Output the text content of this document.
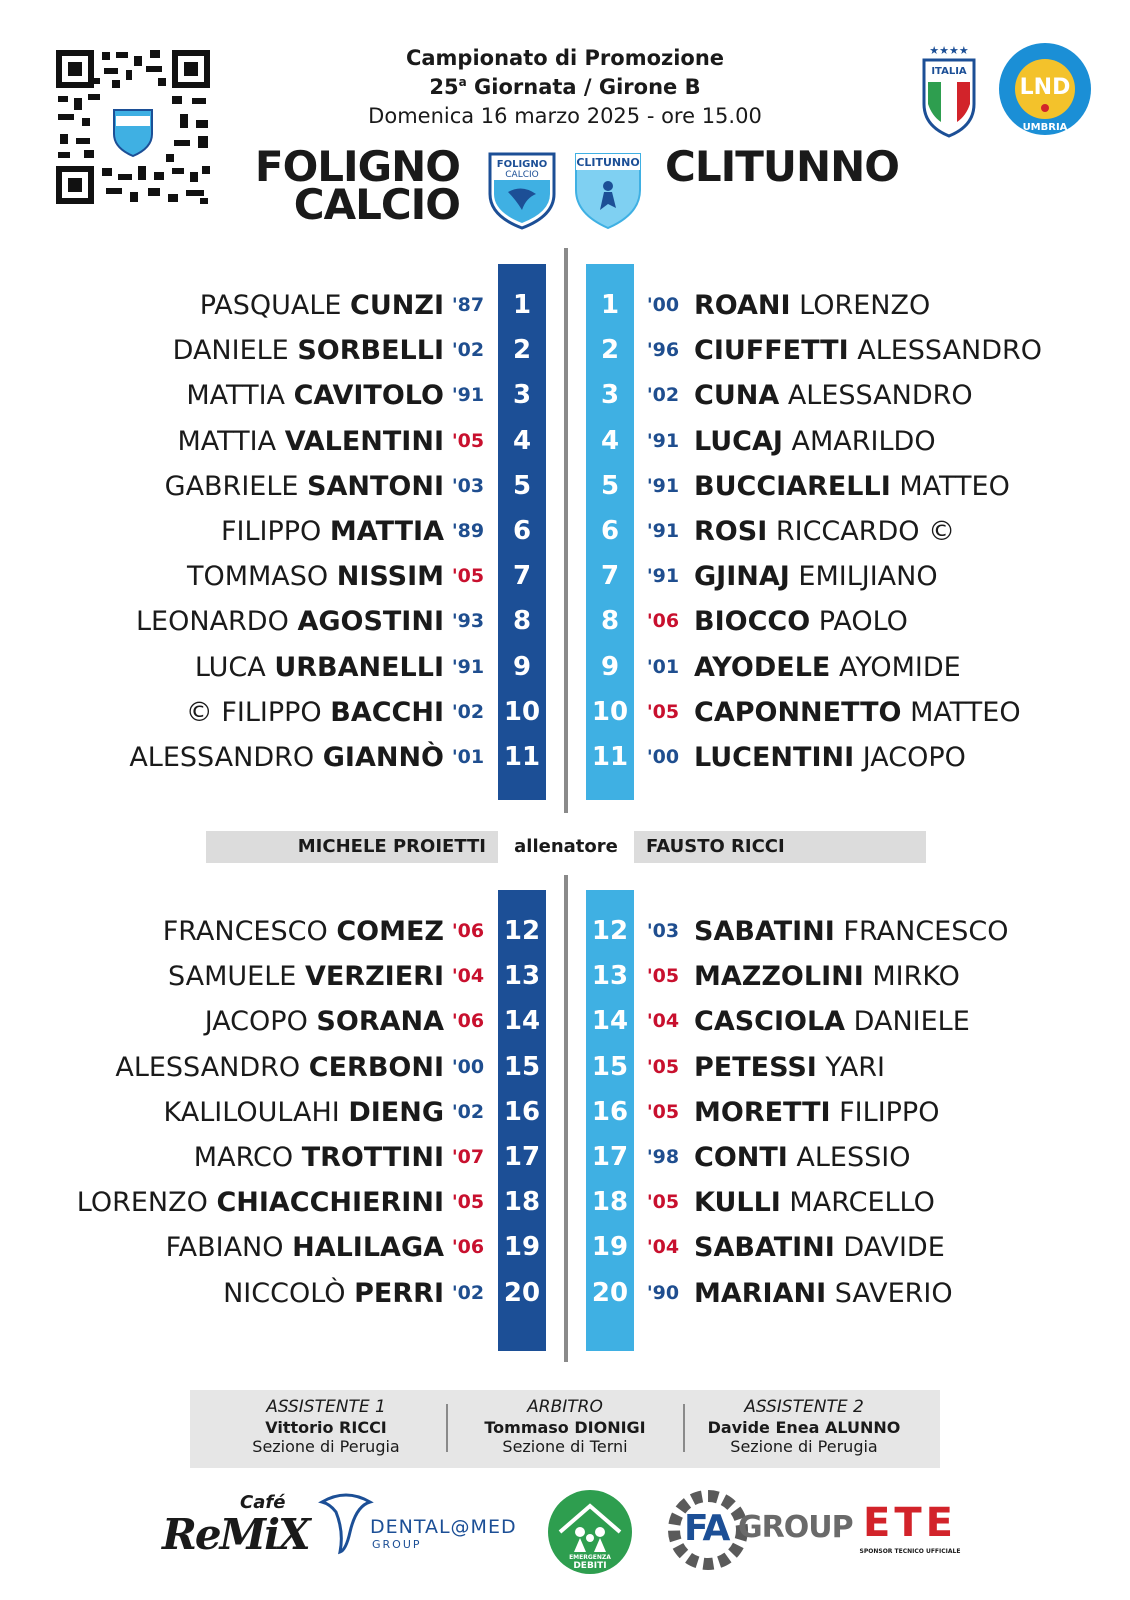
Campionato di Promozione
25$^a$ Giornata / Girone B
Domenica 16 marzo 2025 - ore 15.00
FOLIGNO
CALCIO
FOLIGNO
CALCIO
CLITUNNO CLITUNNO
★★★★
ITALIA
LND
UMBRIA
PASQUALE CUNZI '87	1
DANIELE SORBELLI '02	2
MATTIA CAVITOLO '91	3
MATTIA VALENTINI '05	4
GABRIELE SANTONI '03	5
FILIPPO MATTIA '89	6
TOMMASO NISSIM '05	7
LEONARDO AGOSTINI '93	8
LUCA URBANELLI '91	9
© FILIPPO BACCHI '02 10
ALESSANDRO GIANNÒ '01 11
1	'00 ROANI LORENZO
2	'96 CIUFFETTI ALESSANDRO
3	'02 CUNA ALESSANDRO
4	'91 LUCAJ AMARILDO
5	'91 BUCCIARELLI MATTEO
6	'91 ROSI RICCARDO ©
7	'91 GJINAJ EMILJIANO
8	'06 BIOCCO PAOLO
9	'01 AYODELE AYOMIDE
10 '05 CAPONNETTO MATTEO
11 '00 LUCENTINI JACOPO
FRANCESCO COMEZ '06 12
SAMUELE VERZIERI '04 13
JACOPO SORANA '06 14
ALESSANDRO CERBONI '00 15
KALILOULAHI DIENG '02 16
MARCO TROTTINI '07 17
LORENZO CHIACCHIERINI '05 18
FABIANO HALILAGA '06 19
NICCOLÒ PERRI '02 20
12 '03 SABATINI FRANCESCO
13 '05 MAZZOLINI MIRKO
14 '04 CASCIOLA DANIELE
15 '05 PETESSI YARI
16 '05 MORETTI FILIPPO
17 '98 CONTI ALESSIO
18 '05 KULLI MARCELLO
19 '04 SABATINI DAVIDE
20 '90 MARIANI SAVERIO
MICHELE PROIETTI	allenatore	FAUSTO RICCI
ASSISTENTE 1
Vittorio RICCI
Sezione di Perugia
ARBITRO
Tommaso DIONIGI
Sezione di Terni
ASSISTENTE 2
Davide Enea ALUNNO
Sezione di Perugia
Café
ReMiX	DENTAL@MED
GROUP
EMERGENZA
DEBITI
FA GROUP ETE
SPONSOR TECNICO UFFICIALE
